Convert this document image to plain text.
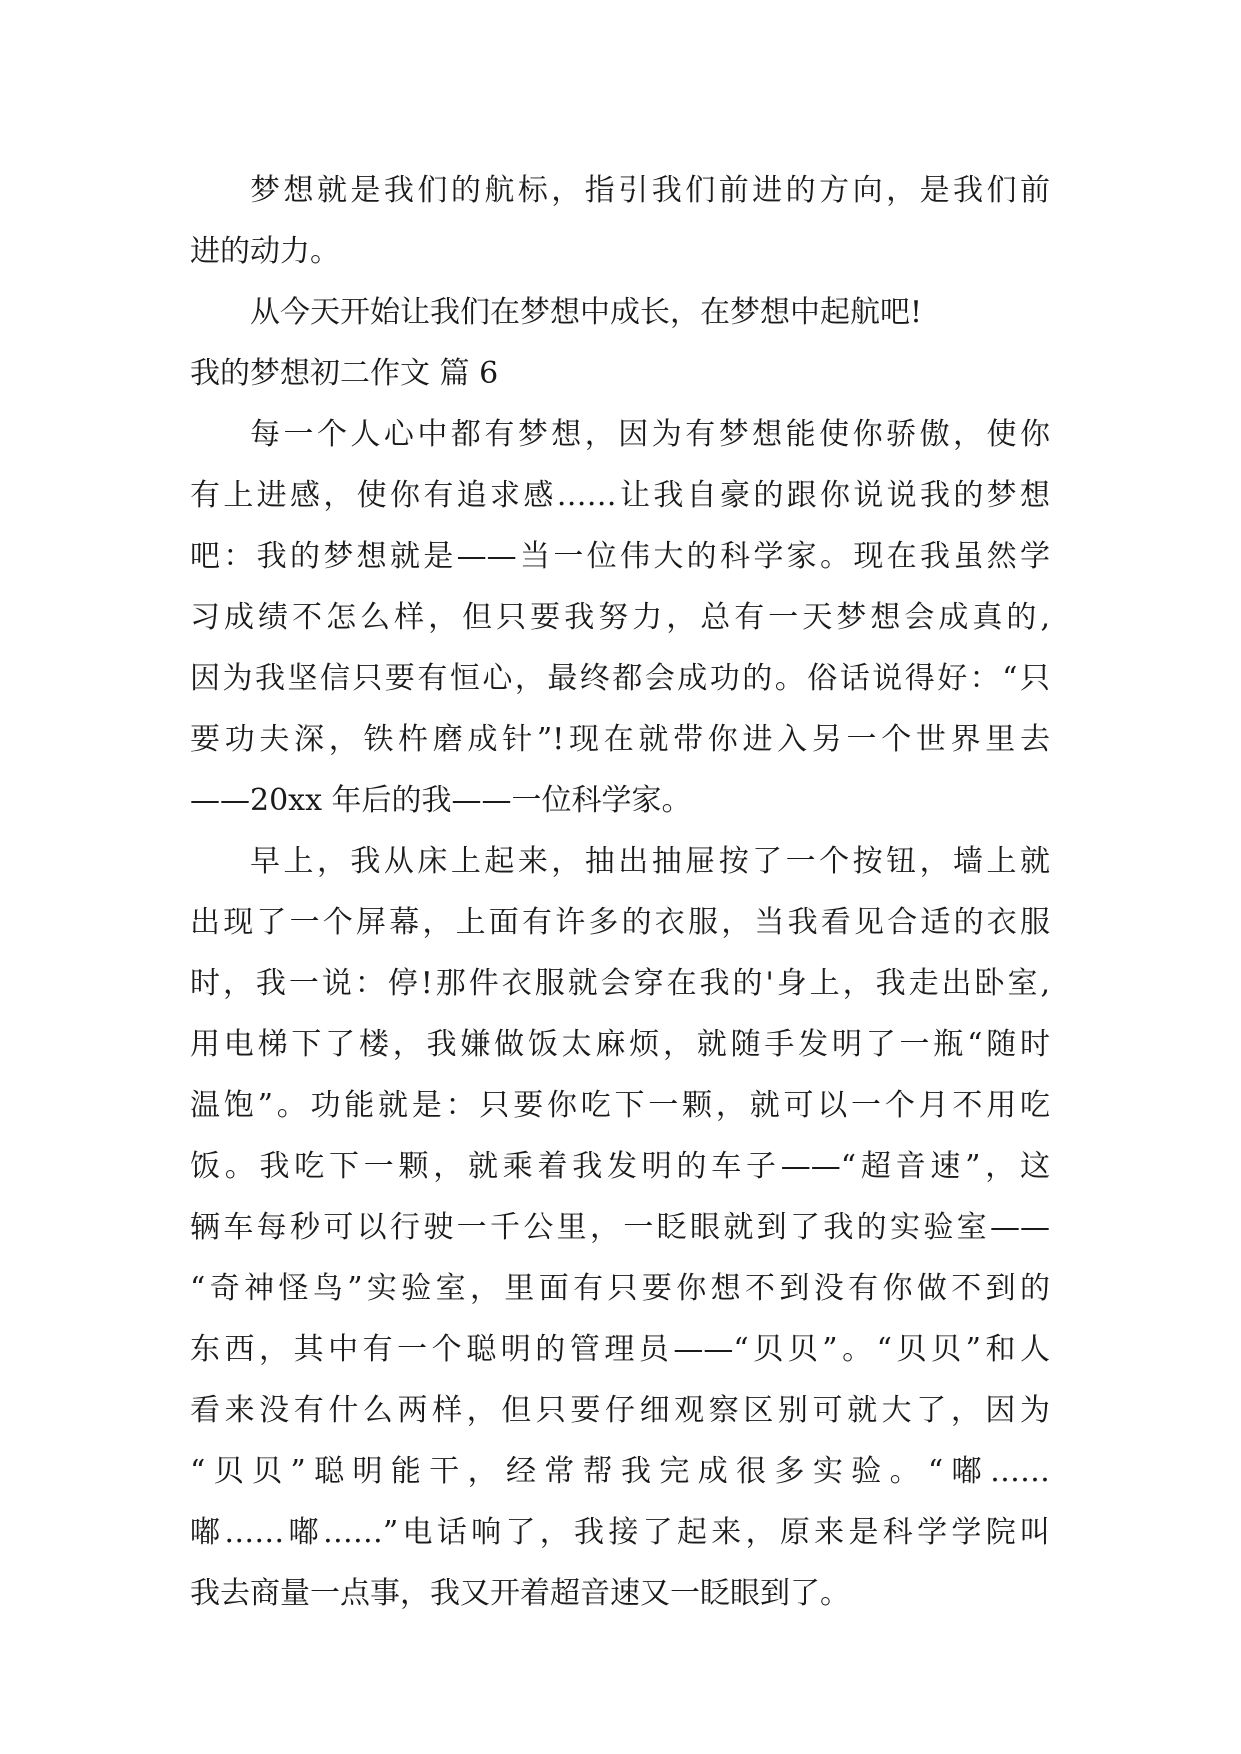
梦想就是我们的航标，指引我们前进的方向，是我们前
进的动力。
从今天开始让我们在梦想中成长，在梦想中起航吧!
我的梦想初二作文 篇 6
每一个人心中都有梦想，因为有梦想能使你骄傲，使你
有上进感，使你有追求感……让我自豪的跟你说说我的梦想
吧：我的梦想就是——当一位伟大的科学家。现在我虽然学
习成绩不怎么样，但只要我努力，总有一天梦想会成真的,
因为我坚信只要有恒心，最终都会成功的。俗话说得好：“只
要功夫深，铁杵磨成针”!现在就带你进入另一个世界里去
——20xx 年后的我——一位科学家。
早上，我从床上起来，抽出抽屉按了一个按钮，墙上就
出现了一个屏幕，上面有许多的衣服，当我看见合适的衣服
时，我一说：停!那件衣服就会穿在我的'身上，我走出卧室,
用电梯下了楼，我嫌做饭太麻烦，就随手发明了一瓶“随时
温饱”。功能就是：只要你吃下一颗，就可以一个月不用吃
饭。我吃下一颗，就乘着我发明的车子——“超音速”，这
辆车每秒可以行驶一千公里，一眨眼就到了我的实验室——
“奇神怪鸟”实验室，里面有只要你想不到没有你做不到的
东西，其中有一个聪明的管理员——“贝贝”。“贝贝”和人
看来没有什么两样，但只要仔细观察区别可就大了，因为
“贝贝”聪明能干，经常帮我完成很多实验。“嘟……
嘟……嘟……”电话响了，我接了起来，原来是科学学院叫
我去商量一点事，我又开着超音速又一眨眼到了。
